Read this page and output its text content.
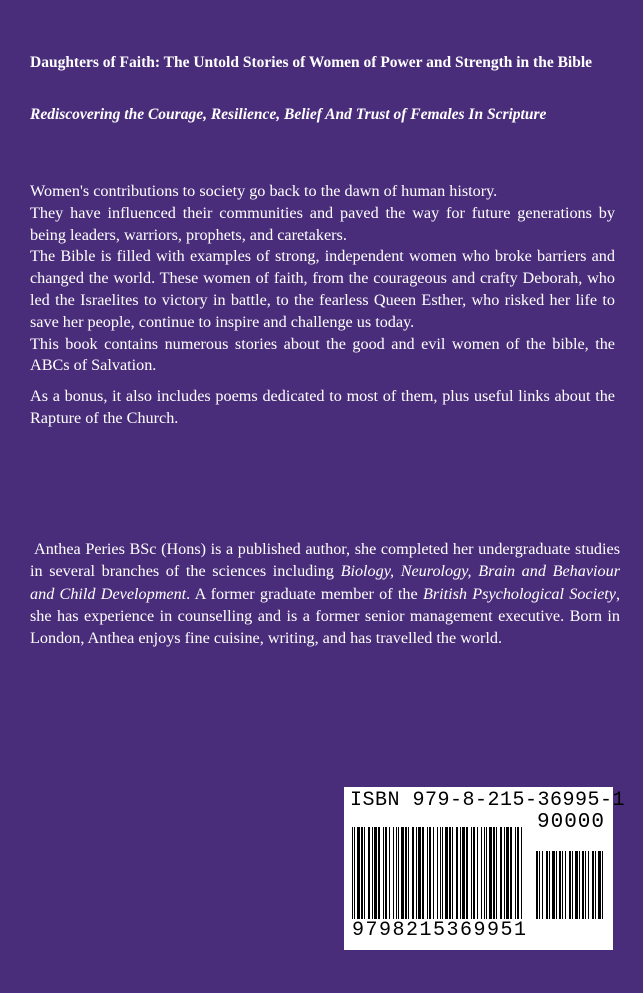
Daughters of Faith: The Untold Stories of Women of Power and Strength in the Bible
Rediscovering the Courage, Resilience, Belief And Trust of Females In Scripture

Women's contributions to society go back to the dawn of human history.

They have influenced their communities and paved the way for future generations by being leaders, warriors, prophets, and caretakers.

The Bible is filled with examples of strong, independent women who broke barriers and changed the world. These women of faith, from the courageous and crafty Deborah, who led the Israelites to victory in battle, to the fearless Queen Esther, who risked her life to save her people, continue to inspire and challenge us today.

This book contains numerous stories about the good and evil women of the bible, the ABCs of Salvation.

As a bonus, it also includes poems dedicated to most of them, plus useful links about the Rapture of the Church.

Anthea Peries BSc (Hons) is a published author, she completed her undergraduate studies in several branches of the sciences including Biology, Neurology, Brain and Behaviour and Child Development. A former graduate member of the British Psychological Society, she has experience in counselling and is a former senior management executive. Born in London, Anthea enjoys fine cuisine, writing, and has travelled the world.
ISBN 979-8-215-36995-1
90000
9798215369951
